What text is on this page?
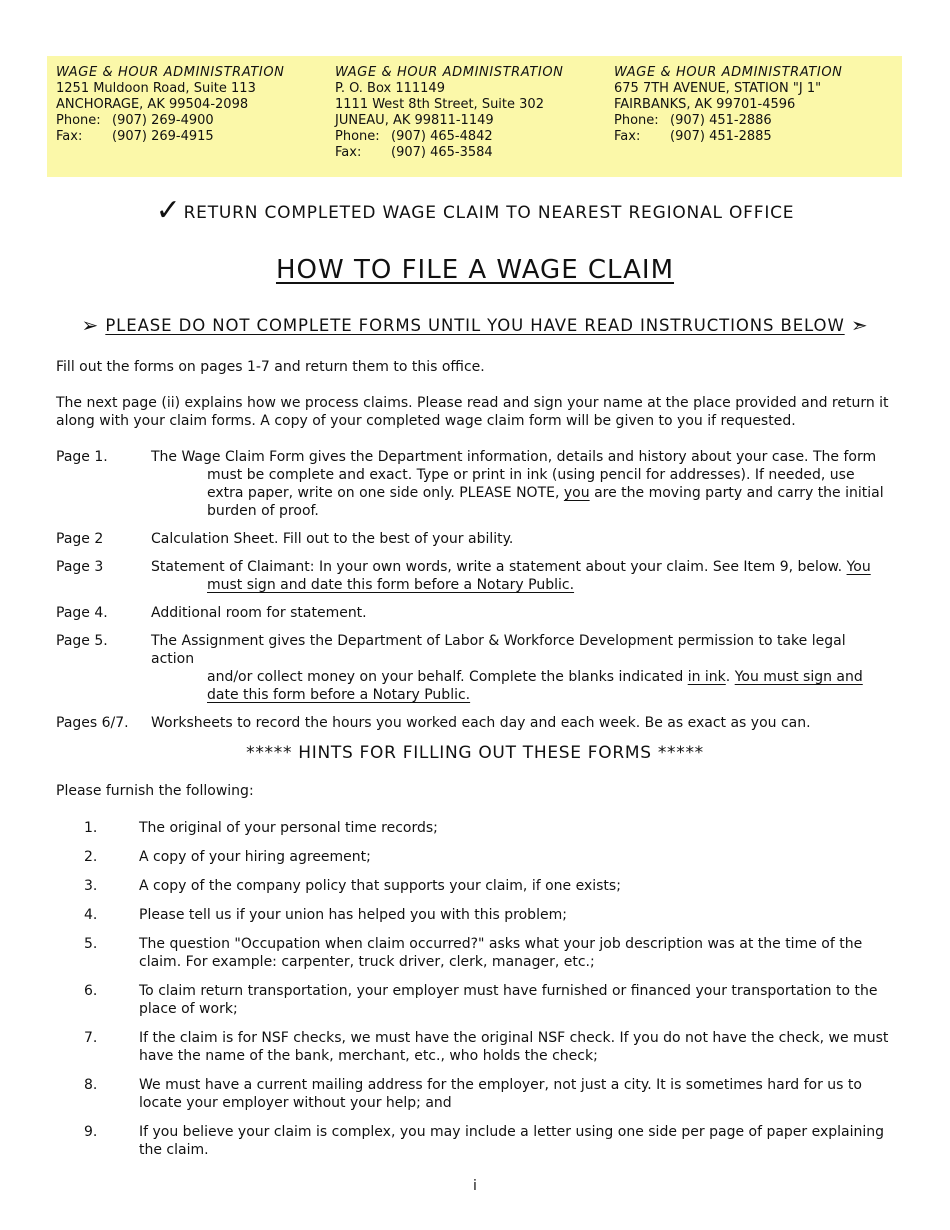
WAGE & HOUR ADMINISTRATION
1251 Muldoon Road, Suite 113
ANCHORAGE, AK 99504-2098
Phone: (907) 269-4900
Fax: (907) 269-4915
WAGE & HOUR ADMINISTRATION
P. O. Box 111149
1111 West 8th Street, Suite 302
JUNEAU, AK 99811-1149
Phone: (907) 465-4842
Fax: (907) 465-3584
WAGE & HOUR ADMINISTRATION
675 7TH AVENUE, STATION "J 1"
FAIRBANKS, AK 99701-4596
Phone: (907) 451-2886
Fax: (907) 451-2885
✓ RETURN COMPLETED WAGE CLAIM TO NEAREST REGIONAL OFFICE
HOW TO FILE A WAGE CLAIM
➢ PLEASE DO NOT COMPLETE FORMS UNTIL YOU HAVE READ INSTRUCTIONS BELOW ➣
Fill out the forms on pages 1-7 and return them to this office.
The next page (ii) explains how we process claims. Please read and sign your name at the place provided and return it along with your claim forms. A copy of your completed wage claim form will be given to you if requested.
Page 1.	The Wage Claim Form gives the Department information, details and history about your case. The form
must be complete and exact. Type or print in ink (using pencil for addresses). If needed, use extra paper, write on one side only. PLEASE NOTE, you are the moving party and carry the initial burden of proof.
Page 2	Calculation Sheet. Fill out to the best of your ability.
Page 3	Statement of Claimant: In your own words, write a statement about your claim. See Item 9, below. You
must sign and date this form before a Notary Public.
Page 4.	Additional room for statement.
Page 5.	The Assignment gives the Department of Labor & Workforce Development permission to take legal action
and/or collect money on your behalf. Complete the blanks indicated in ink. You must sign and date this form before a Notary Public.
Pages 6/7.	Worksheets to record the hours you worked each day and each week. Be as exact as you can.
***** HINTS FOR FILLING OUT THESE FORMS *****
Please furnish the following:
1.	The original of your personal time records;
2.	A copy of your hiring agreement;
3.	A copy of the company policy that supports your claim, if one exists;
4.	Please tell us if your union has helped you with this problem;
5.	The question "Occupation when claim occurred?" asks what your job description was at the time of the claim. For example: carpenter, truck driver, clerk, manager, etc.;
6.	To claim return transportation, your employer must have furnished or financed your transportation to the place of work;
7.	If the claim is for NSF checks, we must have the original NSF check. If you do not have the check, we must have the name of the bank, merchant, etc., who holds the check;
8.	We must have a current mailing address for the employer, not just a city. It is sometimes hard for us to locate your employer without your help; and
9.	If you believe your claim is complex, you may include a letter using one side per page of paper explaining the claim.
i
